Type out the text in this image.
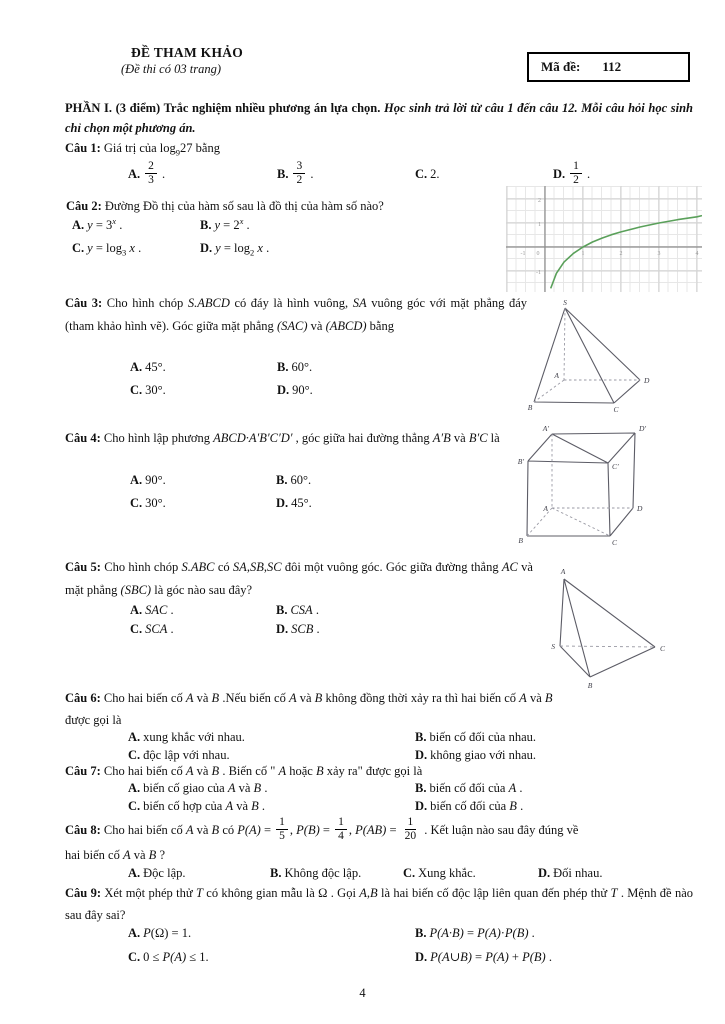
ĐỀ THAM KHẢO
(Đề thi có 03 trang)	Mã đề: 112

PHẦN I. (3 điểm) Trắc nghiệm nhiều phương án lựa chọn. Học sinh trả lời từ câu 1 đến câu 12. Mỗi câu hỏi học sinh chỉ chọn một phương án.

Câu 1: Giá trị của $\log_927$ bằng

A. $\frac{2}{3}$ .	B. $\frac{3}{2}$ .	C. 2.	D. $\frac{1}{2}$ .

Câu 2: Đường Đồ thị của hàm số sau là đồ thị của hàm số nào?

A. $y = 3^x$ .	B. $y = 2^x$ .
C. $y = \log_3 x$ .	D. $y = \log_2 x$ .	-1 0	1	2	3	4
2
1
-1

Câu 3: Cho hình chóp S.ABCD có đáy là hình vuông, SA vuông góc với mặt phẳng đáy (tham khảo hình vẽ). Góc giữa mặt phẳng (SAC) và (ABCD) bằng

A. 45°.	B. 60°.
C. 30°.	D. 90°.
S
A
B	C
D

Câu 4: Cho hình lập phương ABCD·A′B′C′D′ , góc giữa hai đường thẳng A′B và B′C là

A. 90°.	B. 60°.
C. 30°.	D. 45°.
A′	D′
B′
C′
A	D
B	C

Câu 5: Cho hình chóp S.ABC có SA,SB,SC đôi một vuông góc. Góc giữa đường thẳng AC và mặt phẳng (SBC) là góc nào sau đây?

A. SAC .	B. CSA .
C. SCA .	D. SCB .
A
S
B
C

Câu 6: Cho hai biến cố A và B .Nếu biến cố A và B không đồng thời xảy ra thì hai biến cố A và B được gọi là

A. xung khắc với nhau.	B. biến cố đối của nhau.
C. độc lập với nhau.	D. không giao với nhau.

Câu 7: Cho hai biến cố A và B . Biến cố " A hoặc B xảy ra" được gọi là

A. biến cố giao của A và B .	B. biến cố đối của A .
C. biến cố hợp của A và B .	D. biến cố đối của B .

Câu 8: Cho hai biến cố A và B có $P(A) = \frac{1}{5}$ , $P(B) = \frac{1}{4}$ , $P(AB) = \frac{1}{20}$ . Kết luận nào sau đây đúng về

hai biến cố A và B ?

A. Độc lập.	B. Không độc lập.	C. Xung khắc.	D. Đối nhau.

Câu 9: Xét một phép thử T có không gian mẫu là Ω . Gọi A,B là hai biến cố độc lập liên quan đến phép thử T . Mệnh đề nào sau đây sai?

A. P(Ω) = 1.	B. P(A·B) = P(A)·P(B) .
C. 0 ≤ P(A) ≤ 1.	D. P(A∪B) = P(A) + P(B) .
4
